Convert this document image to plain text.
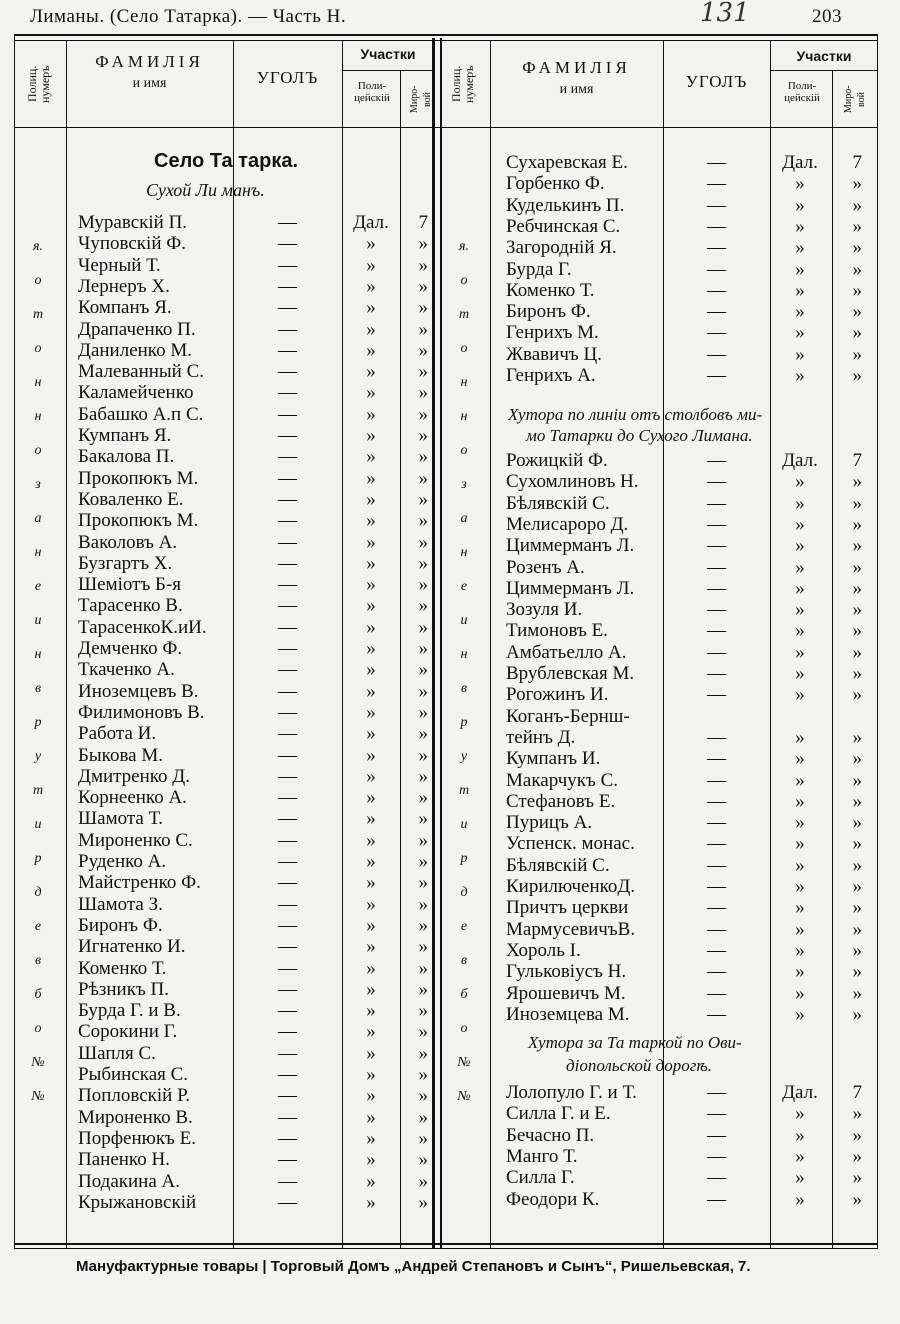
Лиманы. (Село Татарка). — Часть Н.	131	203
Полиц. нумеръ
ФАМИЛІЯ
и имя	УГОЛЪ
Участки
Поли-цейскій	Миро-вой Полиц. нумеръ	ФАМИЛІЯ
и имя	УГОЛЪ
Участки
Поли-цейскій	Миро-вой
Село Та тарка.
Сухой Ли манъ.
Муравскій П.	—	Дал.	7
Чуповскій Ф.	—	»	»
Черный Т.	—	»	»
Лернеръ Х.	—	»	»
Компанъ Я.	—	»	»
Драпаченко П.	—	»	»
Даниленко М.	—	»	»
Малеванный С.	—	»	»
Каламейченко	—	»	»
Бабашко А.п С.	—	»	»
Кумпанъ Я.	—	»	»
Бакалова П.	—	»	»
Прокопюкъ М.	—	»	»
Коваленко Е.	—	»	»
Прокопюкъ М.	—	»	»
Ваколовъ А.	—	»	»
Бузгартъ Х.	—	»	»
Шеміотъ Б-я	—	»	»
Тарасенко В.	—	»	»
ТарасенкоК.иИ.	—	»	»
Демченко Ф.	—	»	»
Ткаченко А.	—	»	»
Иноземцевъ В.	—	»	»
Филимоновъ В.	—	»	»
Работа И.	—	»	»
Быкова М.	—	»	»
Дмитренко Д.	—	»	»
Корнеенко А.	—	»	»
Шамота Т.	—	»	»
Мироненко С.	—	»	»
Руденко А.	—	»	»
Майстренко Ф.	—	»	»
Шамота З.	—	»	»
Биронъ Ф.	—	»	»
Игнатенко И.	—	»	»
Коменко Т.	—	»	»
Рѣзникъ П.	—	»	»
Бурда Г. и В.	—	»	»
Сорокини Г.	—	»	»
Шапля С.	—	»	»
Рыбинская С.	—	»	»
Попловскій Р.	—	»	»
Мироненко В.	—	»	»
Порфенюкъ Е.	—	»	»
Паненко Н.	—	»	»
Подакина А.	—	»	»
Крыжановскій	—	»	»
я.
о
т
о
н
н
о
з
а
н
е
и
н
в
р
у
т
и
р
д
е
в
б
о
№
№
Сухаревская Е.	—	Дал.	7
Горбенко Ф.	—	»	»
Куделькинъ П.	—	»	»
Ребчинская С.	—	»	»
Загороднiй Я.	—	»	»
Бурда Г.	—	»	»
Коменко Т.	—	»	»
Биронъ Ф.	—	»	»
Генрихъ М.	—	»	»
Жвавичъ Ц.	—	»	»
Генрихъ А.	—	»	»
Хутора по линіи отъ столбовъ ми-
мо Татарки до Сухого Лиманa.
Рожицкій Ф.	—	Дал.	7
Сухомлиновъ Н.	—	»	»
Бѣлявскій С.	—	»	»
Мелисароро Д.	—	»	»
Циммерманъ Л.	—	»	»
Розенъ А.	—	»	»
Циммерманъ Л.	—	»	»
Зозуля И.	—	»	»
Тимоновъ Е.	—	»	»
Амбатьелло А.	—	»	»
Врублевская М.	—	»	»
Рогожинъ И.	—	»	»
Коганъ-Бернш-
тейнъ Д.	—	»	»
Кумпанъ И.	—	»	»
Макарчукъ С.	—	»	»
Стефановъ Е.	—	»	»
Пурицъ А.	—	»	»
Успенск. монас.	—	»	»
Бѣлявскій С.	—	»	»
КирилюченкоД.	—	»	»
Причтъ церкви	—	»	»
МармусевичъВ.	—	»	»
Хороль І.	—	»	»
Гульковіусъ Н.	—	»	»
Ярошевичъ М.	—	»	»
Иноземцева М.	—	»	»
Хутора за Та таркой по Ови-
діопольской дорогѣ.
Лолопуло Г. и Т.	—	Дал.	7
Силла Г. и Е.	—	»	»
Бечасно П.	—	»	»
Манго Т.	—	»	»
Силла Г.	—	»	»
Феодори К.	—	»	»
я.
о
т
о
н
н
о
з
а
н
е
и
н
в
р
у
т
и
р
д
е
в
б
о
№
№
Мануфактурные товары | Торговый Домъ „Андрей Степановъ и Сынъ“, Ришельевская, 7.
